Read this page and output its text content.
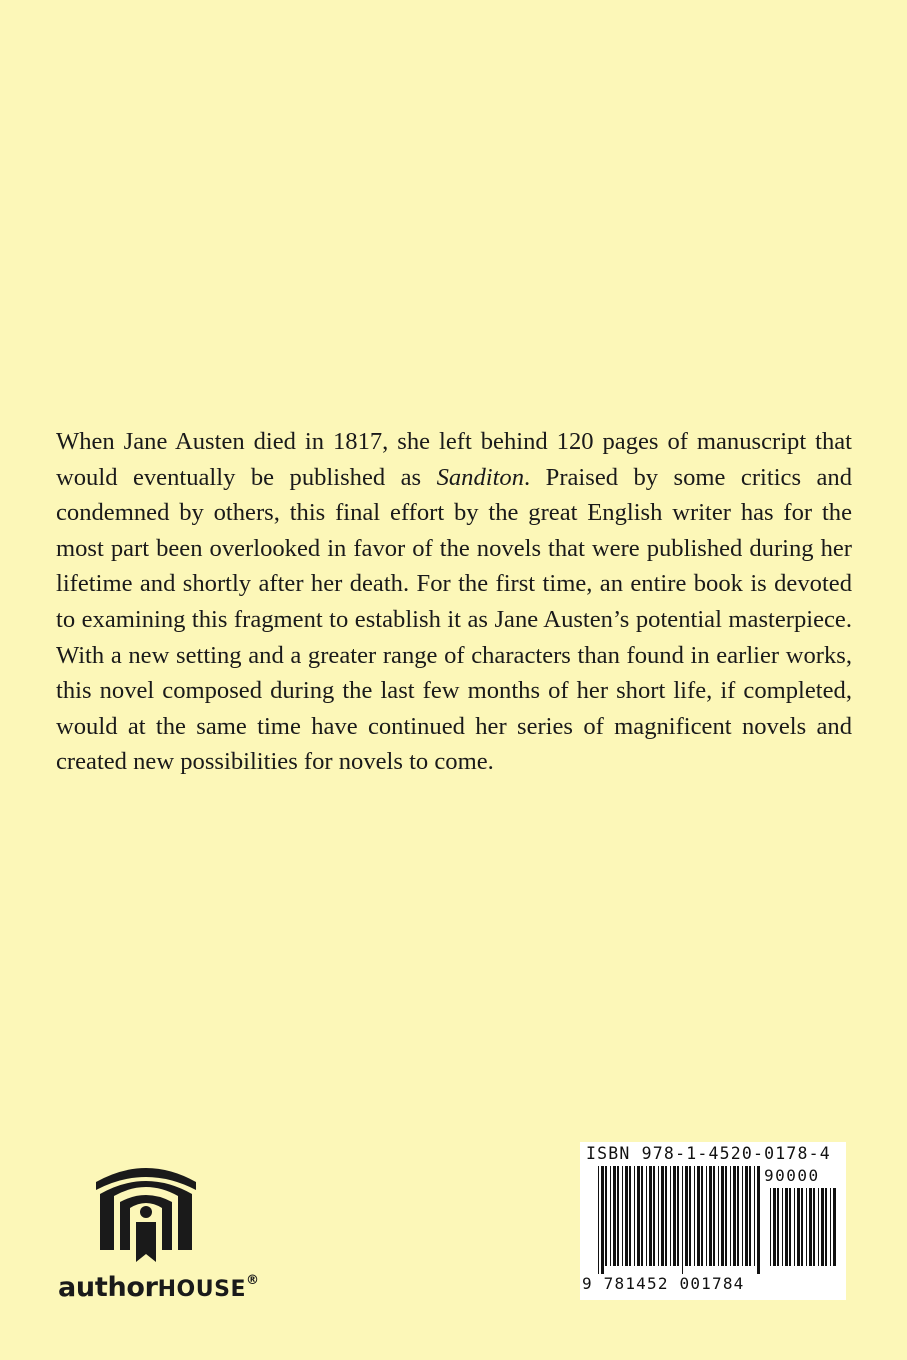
When Jane Austen died in 1817, she left behind 120 pages of manuscript that would eventually be published as Sanditon. Praised by some critics and condemned by others, this final effort by the great English writer has for the most part been overlooked in favor of the novels that were published during her lifetime and shortly after her death. For the first time, an entire book is devoted to examining this fragment to establish it as Jane Austen’s potential masterpiece. With a new setting and a greater range of characters than found in earlier works, this novel composed during the last few months of her short life, if completed, would at the same time have continued her series of magnificent novels and created new possibilities for novels to come.

authorHOUSE®
ISBN 978-1-4520-0178-4
90000
9 781452 001784
